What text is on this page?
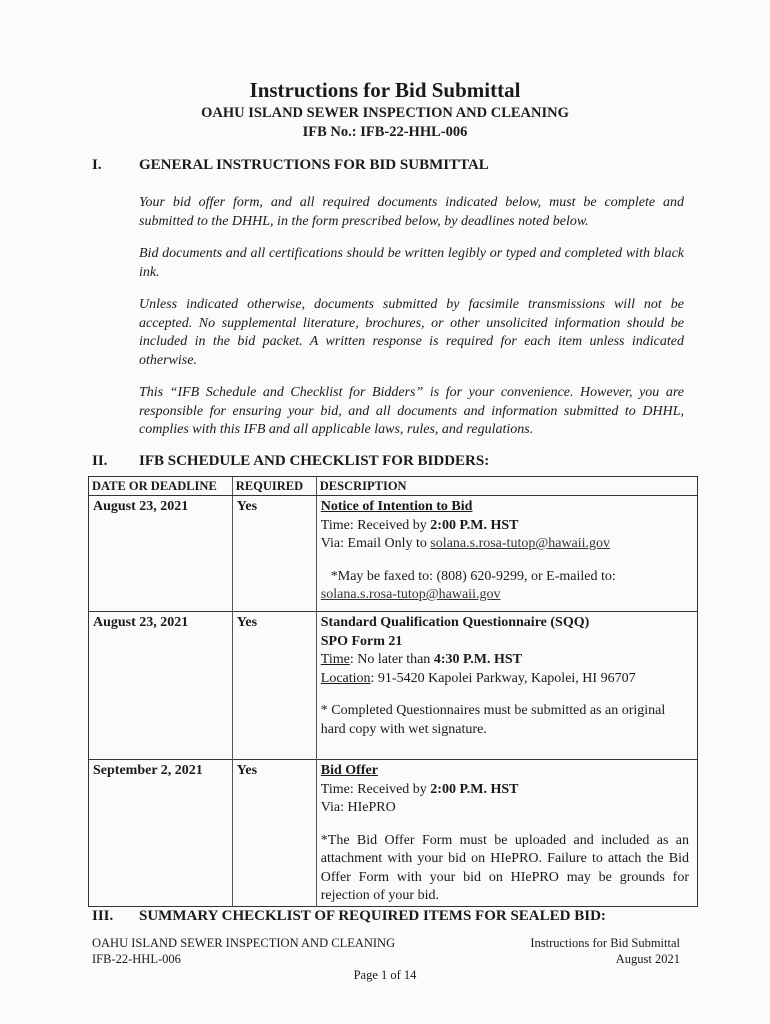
Instructions for Bid Submittal
OAHU ISLAND SEWER INSPECTION AND CLEANING
IFB No.: IFB-22-HHL-006
I. GENERAL INSTRUCTIONS FOR BID SUBMITTAL

Your bid offer form, and all required documents indicated below, must be complete and submitted to the DHHL, in the form prescribed below, by deadlines noted below.

Bid documents and all certifications should be written legibly or typed and completed with black ink.

Unless indicated otherwise, documents submitted by facsimile transmissions will not be accepted. No supplemental literature, brochures, or other unsolicited information should be included in the bid packet. A written response is required for each item unless indicated otherwise.

This “IFB Schedule and Checklist for Bidders” is for your convenience. However, you are responsible for ensuring your bid, and all documents and information submitted to DHHL, complies with this IFB and all applicable laws, rules, and regulations.

II. IFB SCHEDULE AND CHECKLIST FOR BIDDERS:
DATE OR DEADLINE	REQUIRED	DESCRIPTION
August 23, 2021	Yes	Notice of Intention to Bid
Time: Received by 2:00 P.M. HST
Via: Email Only to solana.s.rosa-tutop@hawaii.gov
*May be faxed to: (808) 620-9299, or E-mailed to:
solana.s.rosa-tutop@hawaii.gov

August 23, 2021	Yes	Standard Qualification Questionnaire (SQQ)
SPO Form 21
Time: No later than 4:30 P.M. HST
Location: 91-5420 Kapolei Parkway, Kapolei, HI 96707
* Completed Questionnaires must be submitted as an original hard copy with wet signature.

September 2, 2021	Yes	Bid Offer
Time: Received by 2:00 P.M. HST
Via: HIePRO
*The Bid Offer Form must be uploaded and included as an attachment with your bid on HIePRO. Failure to attach the Bid Offer Form with your bid on HIePRO may be grounds for rejection of your bid.
III. SUMMARY CHECKLIST OF REQUIRED ITEMS FOR SEALED BID:
OAHU ISLAND SEWER INSPECTION AND CLEANING
IFB-22-HHL-006
Instructions for Bid Submittal
August 2021
Page 1 of 14
